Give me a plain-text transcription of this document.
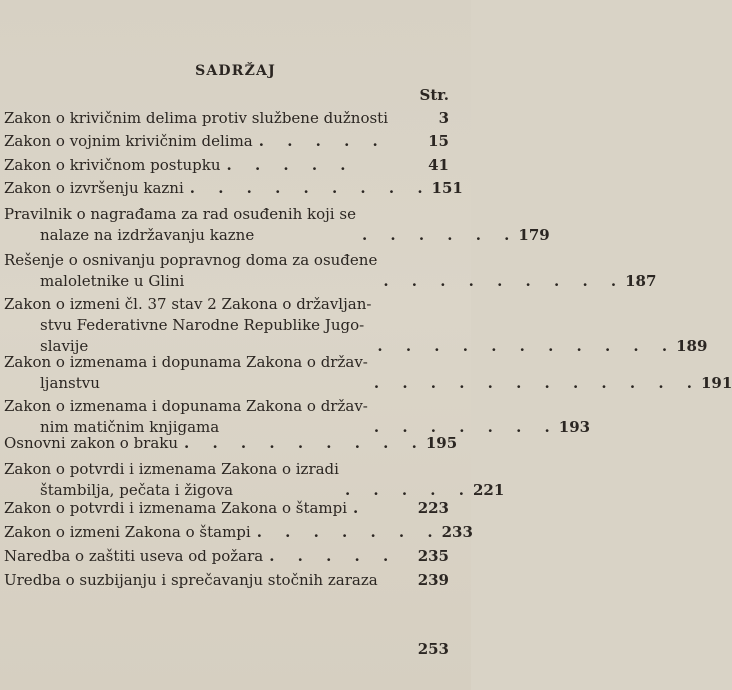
SADRŽAJ
Str.
Zakon o krivičnim delima protiv službene dužnosti	3
Zakon o vojnim krivičnim delima . . . . .	15
Zakon o krivičnom postupku . . . . .	41
Zakon o izvršenju kazni . . . . . . . . . 151
Pravilnik o nagrađama za rad osuđenih koji se
nalaze na izdržavanju kazne	. . . . . . 179
Rešenje o osnivanju popravnog doma za osuđene
maloletnike u Glini	. . . . . . . . . 187
Zakon o izmeni čl. 37 stav 2 Zakona o državljan-
stvu Federativne Narodne Republike Jugo-
slavije	. . . . . . . . . . . 189
Zakon o izmenama i dopunama Zakona o držav-
ljanstvu	. . . . . . . . . . . . 191
Zakon o izmenama i dopunama Zakona o držav-
nim matičnim knjigama	. . . . . . . 193
Osnovni zakon o braku . . . . . . . . . 195
Zakon o potvrdi i izmenama Zakona o izradi
štambilja, pečata i žigova	. . . . . 221
Zakon o potvrdi i izmenama Zakona o štampi .	223
Zakon o izmeni Zakona o štampi . . . . . . . 233
Naredba o zaštiti useva od požara . . . . .	235
Uredba o suzbijanju i sprečavanju stočnih zaraza	239
253
